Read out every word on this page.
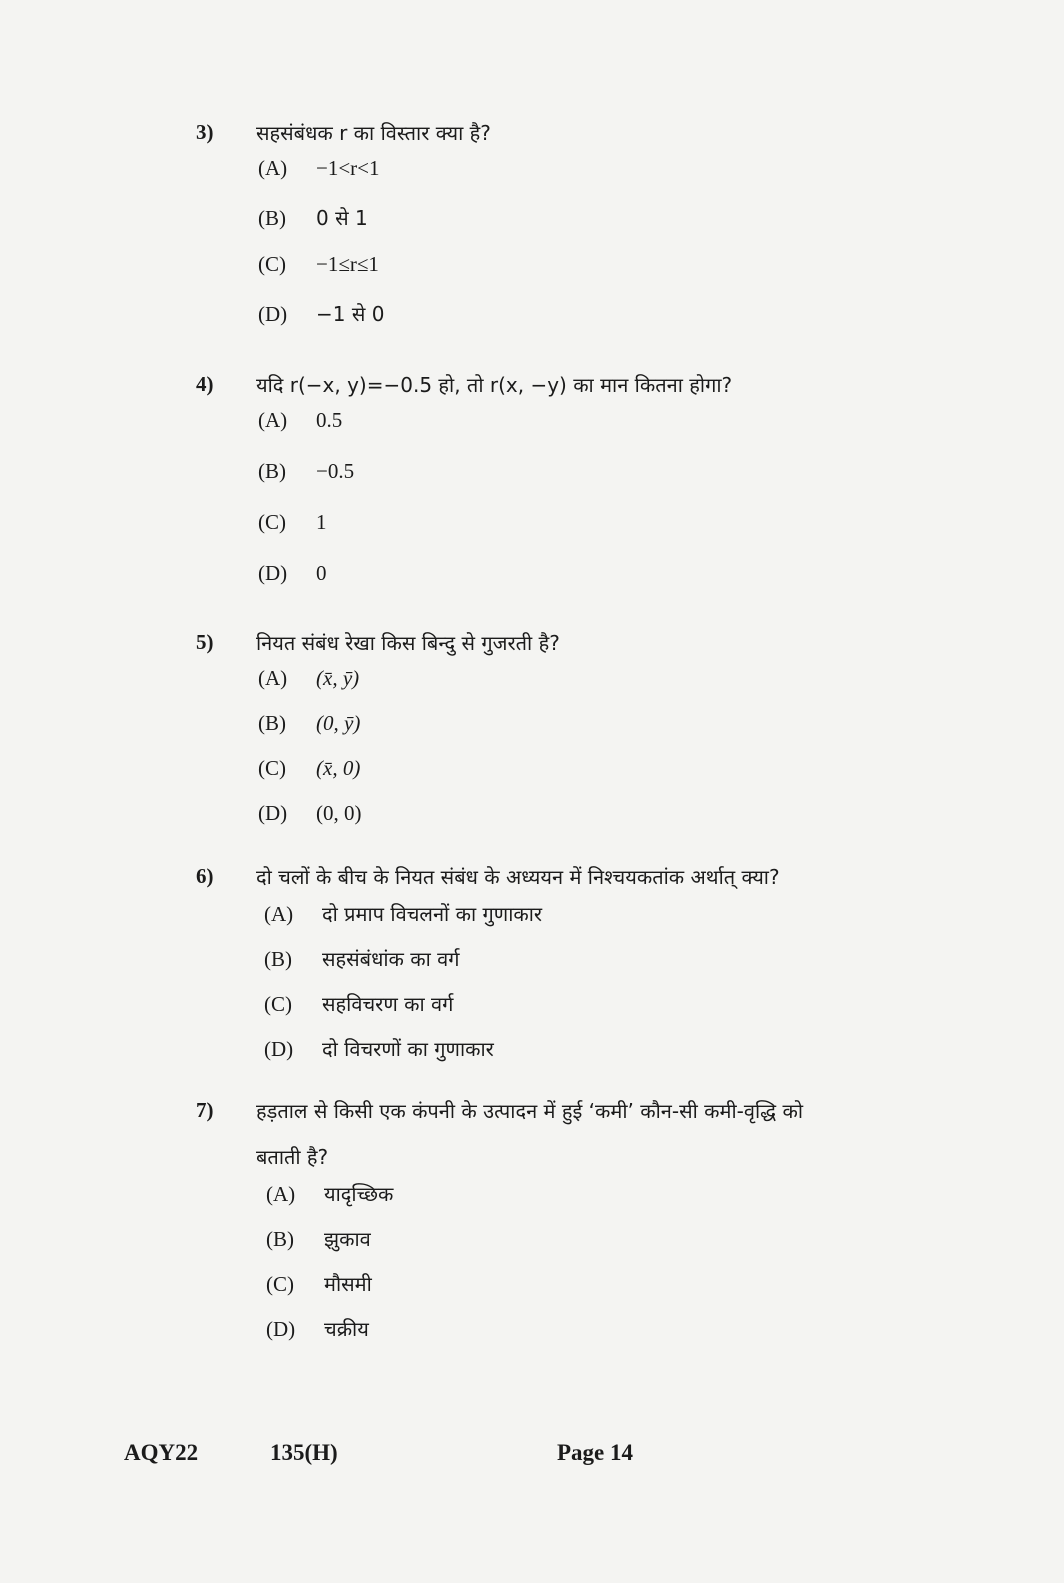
3) सहसंबंधक r का विस्तार क्या है?
(A)	−1<r<1
(B)	0 से 1
(C)	−1≤r≤1
(D)	−1 से 0
4) यदि r(−x, y)=−0.5 हो, तो r(x, −y) का मान कितना होगा?
(A)	0.5
(B)	−0.5
(C)	1
(D)	0
5) नियत संबंध रेखा किस बिन्दु से गुजरती है?
(A)	(x̄, ȳ)
(B)	(0, ȳ)
(C)	(x̄, 0)
(D)	(0, 0)
6) दो चलों के बीच के नियत संबंध के अध्ययन में निश्चयकतांक अर्थात् क्या?
(A)	दो प्रमाप विचलनों का गुणाकार
(B)	सहसंबंधांक का वर्ग
(C)	सहविचरण का वर्ग
(D)	दो विचरणों का गुणाकार
7) हड़ताल से किसी एक कंपनी के उत्पादन में हुई ‘कमी’ कौन-सी कमी-वृद्धि को
बताती है?
(A)	यादृच्छिक
(B)	झुकाव
(C)	मौसमी
(D)	चक्रीय
AQY22	135(H)	Page 14
